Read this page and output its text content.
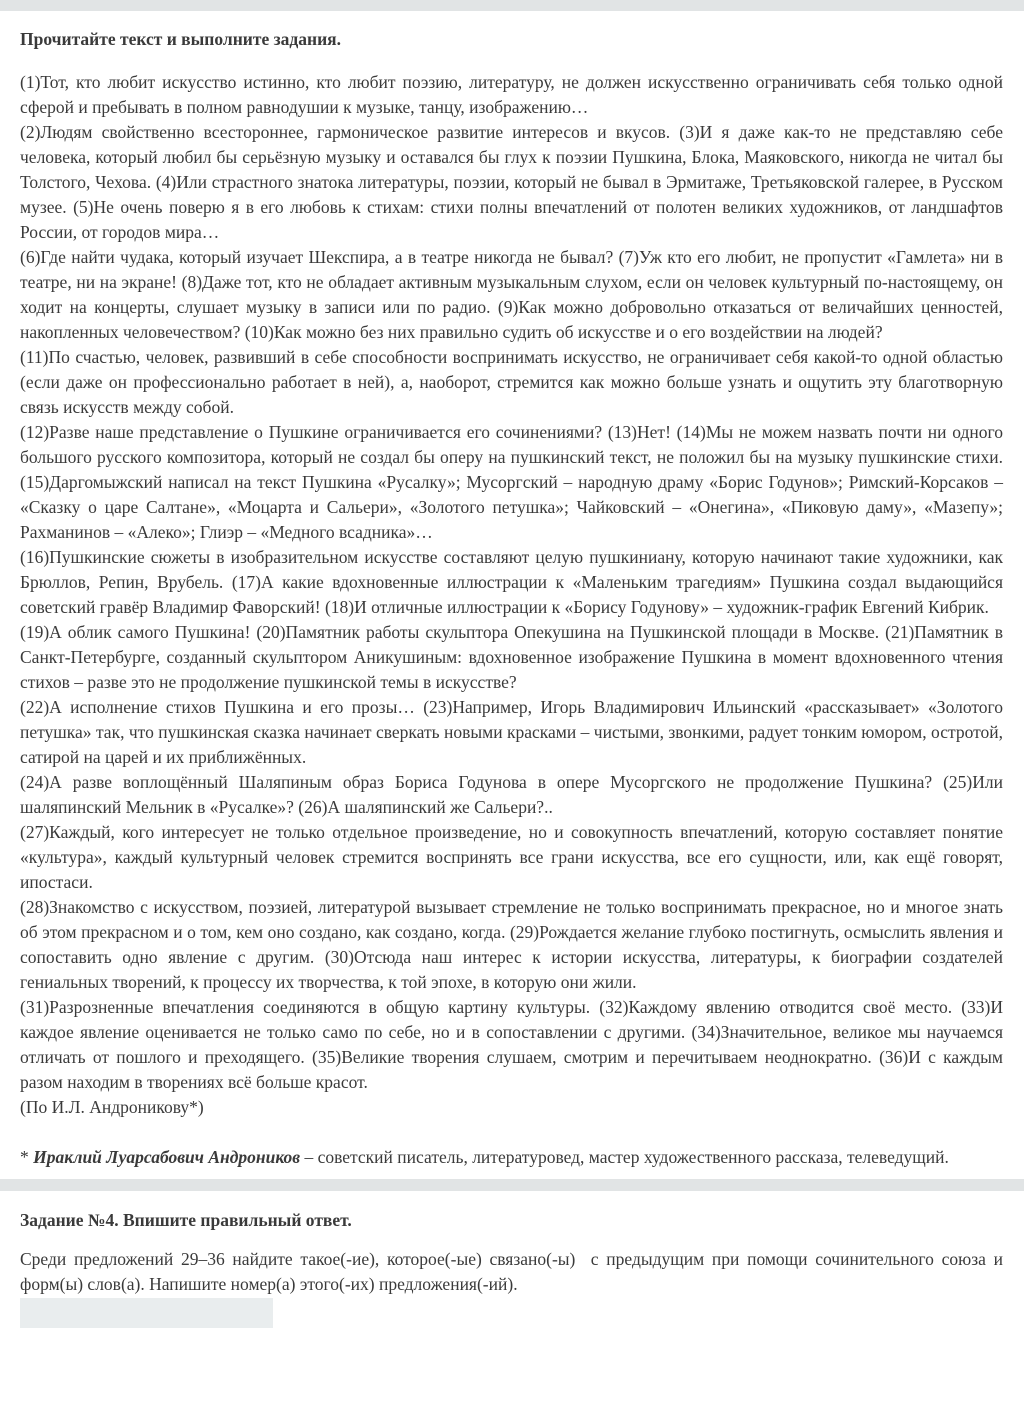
Прочитайте текст и выполните задания.

(1)Тот, кто любит искусство истинно, кто любит поэзию, литературу, не должен искусственно ограничивать себя только одной сферой и пребывать в полном равнодушии к музыке, танцу, изображению…

(2)Людям свойственно всестороннее, гармоническое развитие интересов и вкусов. (3)И я даже как-то не представляю себе человека, который любил бы серьёзную музыку и оставался бы глух к поэзии Пушкина, Блока, Маяковского, никогда не читал бы Толстого, Чехова. (4)Или страстного знатока литературы, поэзии, который не бывал в Эрмитаже, Третьяковской галерее, в Русском музее. (5)Не очень поверю я в его любовь к стихам: стихи полны впечатлений от полотен великих художников, от ландшафтов России, от городов мира…

(6)Где найти чудака, который изучает Шекспира, а в театре никогда не бывал? (7)Уж кто его любит, не пропустит «Гамлета» ни в театре, ни на экране! (8)Даже тот, кто не обладает активным музыкальным слухом, если он человек культурный по-настоящему, он ходит на концерты, слушает музыку в записи или по радио. (9)Как можно добровольно отказаться от величайших ценностей, накопленных человечеством? (10)Как можно без них правильно судить об искусстве и о его воздействии на людей?

(11)По счастью, человек, развивший в себе способности воспринимать искусство, не ограничивает себя какой-то одной областью (если даже он профессионально работает в ней), а, наоборот, стремится как можно больше узнать и ощутить эту благотворную связь искусств между собой.

(12)Разве наше представление о Пушкине ограничивается его сочинениями? (13)Нет! (14)Мы не можем назвать почти ни одного большого русского композитора, который не создал бы оперу на пушкинский текст, не положил бы на музыку пушкинские стихи. (15)Даргомыжский написал на текст Пушкина «Русалку»; Мусоргский – народную драму «Борис Годунов»; Римский-Корсаков – «Сказку о царе Салтане», «Моцарта и Сальери», «Золотого петушка»; Чайковский – «Онегина», «Пиковую даму», «Мазепу»; Рахманинов – «Алеко»; Глиэр – «Медного всадника»…

(16)Пушкинские сюжеты в изобразительном искусстве составляют целую пушкиниану, которую начинают такие художники, как Брюллов, Репин, Врубель. (17)А какие вдохновенные иллюстрации к «Маленьким трагедиям» Пушкина создал выдающийся советский гравёр Владимир Фаворский! (18)И отличные иллюстрации к «Борису Годунову» – художник-график Евгений Кибрик.

(19)А облик самого Пушкина! (20)Памятник работы скульптора Опекушина на Пушкинской площади в Москве. (21)Памятник в Санкт-Петербурге, созданный скульптором Аникушиным: вдохновенное изображение Пушкина в момент вдохновенного чтения стихов – разве это не продолжение пушкинской темы в искусстве?

(22)А исполнение стихов Пушкина и его прозы… (23)Например, Игорь Владимирович Ильинский «рассказывает» «Золотого петушка» так, что пушкинская сказка начинает сверкать новыми красками – чистыми, звонкими, радует тонким юмором, остротой, сатирой на царей и их приближённых.

(24)А разве воплощённый Шаляпиным образ Бориса Годунова в опере Мусоргского не продолжение Пушкина? (25)Или шаляпинский Мельник в «Русалке»? (26)А шаляпинский же Сальери?..

(27)Каждый, кого интересует не только отдельное произведение, но и совокупность впечатлений, которую составляет понятие «культура», каждый культурный человек стремится воспринять все грани искусства, все его сущности, или, как ещё говорят, ипостаси.

(28)Знакомство с искусством, поэзией, литературой вызывает стремление не только воспринимать прекрасное, но и многое знать об этом прекрасном и о том, кем оно создано, как создано, когда. (29)Рождается желание глубоко постигнуть, осмыслить явления и сопоставить одно явление с другим. (30)Отсюда наш интерес к истории искусства, литературы, к биографии создателей гениальных творений, к процессу их творчества, к той эпохе, в которую они жили.

(31)Разрозненные впечатления соединяются в общую картину культуры. (32)Каждому явлению отводится своё место. (33)И каждое явление оценивается не только само по себе, но и в сопоставлении с другими. (34)Значительное, великое мы научаемся отличать от пошлого и преходящего. (35)Великие творения слушаем, смотрим и перечитываем неоднократно. (36)И с каждым разом находим в творениях всё больше красот.

(По И.Л. Андроникову*)

* Ираклий Луарсабович Андроников – советский писатель, литературовед, мастер художественного рассказа, телеведущий.

Задание №4. Впишите правильный ответ.

Среди предложений 29–36 найдите такое(-ие), которое(-ые) связано(-ы)  с предыдущим при помощи сочинительного союза и форм(ы) слов(а). Напишите номер(а) этого(-их) предложения(-ий).
